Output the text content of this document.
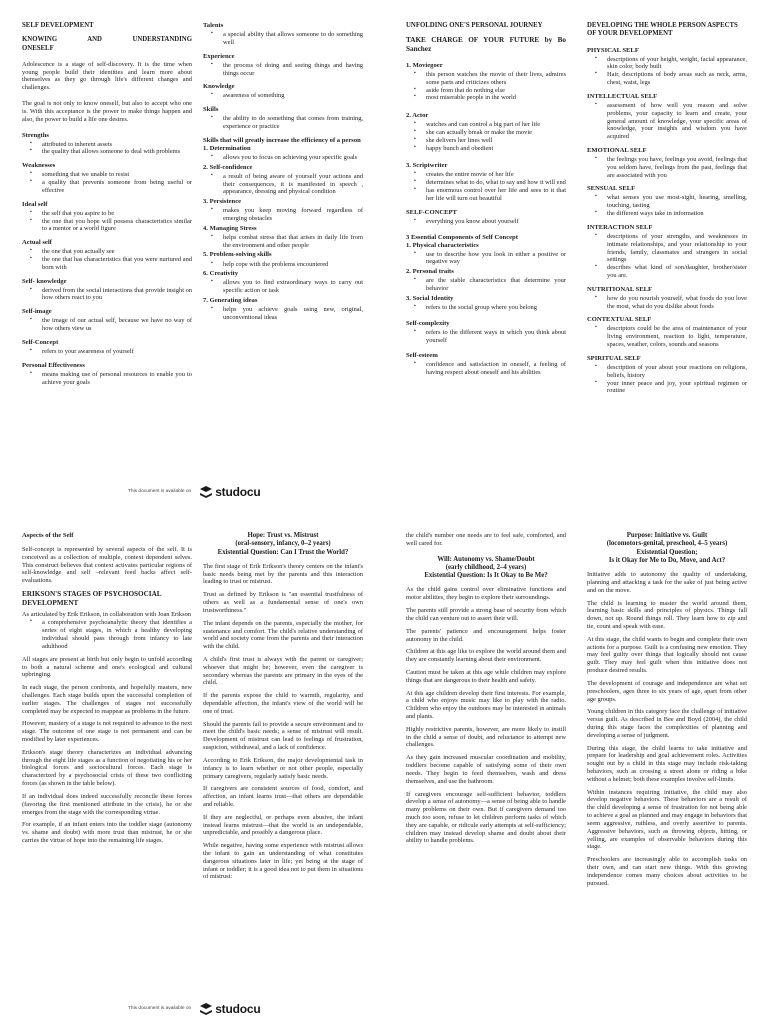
SELF DEVELOPMENT
KNOWING AND UNDERSTANDING ONESELF

Adolescence is a stage of self-discovery. It is the time when young people build their identities and learn more about themselves as they go through life's different changes and challenges.

The goal is not only to know oneself, but also to accept who one is. With this acceptance is the power to make things happen and also, the power to build a life one desires.

Strengths
▪ attributed to inherent assets
▪ the quality that allows someone to deal with problems
Weaknesses
▪ something that we unable to resist
▪ a quality that prevents someone from being useful or effective
Ideal self
▪ the self that you aspire to be
▪ the one that you hope will possess characteristics similar to a mentor or a world figure
Actual self
▪ the one that you actually see
▪ the one that has characteristics that you were nurtured and born with
Self- knowledge
▪ derived from the social interactions that provide insight on how others react to you
Self-image
▪ the image of our actual self, because we have no way of how others view us
Self-Concept
▪ refers to your awareness of yourself
Personal Effectiveness
▪ means making use of personal resources to enable you to achieve your goals
Talents
▪ a special ability that allows someone to do something well
Experience
▪ the process of doing and seeing things and having things occur
Knowledge
▪ awareness of something
Skills
▪ the ability to do something that comes from training, experience or practice
Skills that will greatly increase the efficiency of a person
1. Determination
▪ allows you to focus on achieving your specific goals
2. Self-confidence
▪ a result of being aware of yourself your actions and their consequences, it is manifested in speech , appearance, dressing and physical condition
3. Persistence
▪ makes you keep moving forward regardless of emerging obstacles
4. Managing Stress
▪ helps combat stress that that arises in daily life from the environment and other people
5. Problem-solving skills
▪ help cope with the problems encountered
6. Creativity
▪ allows you to find extraordinary ways to carry out specific action or task
7. Generating ideas
▪ helps you achieve goals using new, original, unconventional ideas
UNFOLDING ONE'S PERSONAL JOURNEY
TAKE CHARGE OF YOUR FUTURE by Bo Sanchez
1. Moviegoer
▪ this person watches the movie of their lives, admires some parts and criticizes others
▪ aside from that do nothing else
▪ most miserable people in the world
2. Actor
▪ watches and can control a big part of her life
▪ she can actually break or make the movie
▪ she delivers her lines well
▪ happy bunch and obedient
3. Scriptwriter
▪ creates the entire movie of her life
▪ determines what to do, what to say and how it will end
▪ has enormous control over her life and sees to it that her life will turn out beautiful
SELF-CONCEPT
▪ everything you know about yourself
3 Essential Components of Self Concept
1. Physical characteristics
▪ use to describe how you look in either a positive or negative way
2. Personal traits
▪ are the stable characteristics that determine your behavior
3. Social Identity
▪ refers to the social group where you belong
Self-complexity
▪ refers to the different ways in which you think about yourself
Self-esteem
▪ confidence and satisfaction in oneself, a feeling of having respect about oneself and his abilities
DEVELOPING THE WHOLE PERSON ASPECTS OF YOUR DEVELOPMENT
PHYSICAL SELF
▪ descriptions of your height, weight, facial appearance, skin color, body built
▪ Hair, descriptions of body areas such as neck, arms, chest, waist, legs
INTELLECTUAL SELF
▪ assessment of how well you reason and solve problems, your capacity to learn and create, your general amount of knowledge, your specific areas of knowledge, your insights and wisdom you have acquired
EMOTIONAL SELF
▪ the feelings you have, feelings you avoid, feelings that you seldom have, feelings from the past, feelings that are associated with you
SENSUAL SELF
▪ what senses you use most-sight, hearing, smelling, touching, tasting
▪ the different ways take in information
INTERACTION SELF
▪ descriptions of your strengths, and weaknesses in intimate relationships, and your relationship to your friends, family, classmates and strangers in social settings
▪ describes what kind of son/daughter, brother/sister you are.
NUTRITIONAL SELF
▪ how do you nourish yourself, what foods do you love the most, what do you dislike about foods
CONTEXTUAL SELF
▪ descriptors could be the area of maintenance of your living environment, reaction to light, temperature, spaces, weather, colors, sounds and seasons
SPIRITUAL SELF
▪ description of your about your reactions on religions, beliefs, history
▪ your inner peace and joy, your spiritual regimen or routine
This document is available on studocu
Aspects of the Self

Self-concept is represented by several aspects of the self. It is conceived as a collection of multiple, context dependent selves. This construct believes that context activates particular regions of self-knowledge and self –relevant feed backs affect self-evaluations.

ERIKSON'S STAGES OF PSYCHOSOCIAL DEVELOPMENT
As articulated by Erik Erikson, in collaboration with Joan Erikson
▪ a comprehensive psychoanalytic theory that identifies a series of eight stages, in which a healthy developing individual should pass through from infancy to late adulthood

All stages are present at birth but only begin to unfold according to both a natural scheme and one's ecological and cultural upbringing.

In each stage, the person confronts, and hopefully masters, new challenges. Each stage builds upon the successful completion of earlier stages. The challenges of stages not successfully completed may be expected to reappear as problems in the future.

However, mastery of a stage is not required to advance to the next stage. The outcome of one stage is not permanent and can be modified by later experiences.

Erikson's stage theory characterizes an individual advancing through the eight life stages as a function of negotiating his or her biological forces and sociocultural forces. Each stage is characterized by a psychosocial crisis of these two conflicting forces (as shown in the table below).

If an individual does indeed successfully reconcile these forces (favoring the first mentioned attribute in the crisis), he or she emerges from the stage with the corresponding virtue.

For example, if an infant enters into the toddler stage (autonomy vs. shame and doubt) with more trust than mistrust, he or she carries the virtue of hope into the remaining life stages.

Hope: Trust vs. Mistrust
(oral-sensory, infancy, 0–2 years)
Existential Question: Can I Trust the World?

The first stage of Erik Erikson's theory centers on the infant's basic needs being met by the parents and this interaction leading to trust or mistrust.

Trust as defined by Erikson is "an essential trustfulness of others as well as a fundamental sense of one's own trustworthiness."

The infant depends on the parents, especially the mother, for sustenance and comfort. The child's relative understanding of world and society come from the parents and their interaction with the child.

A child's first trust is always with the parent or caregiver; whoever that might be; however, even the caregiver is secondary whereas the parents are primary in the eyes of the child.

If the parents expose the child to warmth, regularity, and dependable affection, the infant's view of the world will be one of trust.

Should the parents fail to provide a secure environment and to meet the child's basic needs; a sense of mistrust will result. Development of mistrust can lead to feelings of frustration, suspicion, withdrawal, and a lack of confidence.

According to Erik Erikson, the major developmental task in infancy is to learn whether or not other people, especially primary caregivers, regularly satisfy basic needs.

If caregivers are consistent sources of food, comfort, and affection, an infant learns trust—that others are dependable and reliable.

If they are neglectful, or perhaps even abusive, the infant instead learns mistrust—that the world is an undependable, unpredictable, and possibly a dangerous place.

While negative, having some experience with mistrust allows the infant to gain an understanding of what constitutes dangerous situations later in life; yet being at the stage of infant or toddler; it is a good idea not to put them in situations of mistrust:

the child's number one needs are to feel safe, comforted, and well cared for.

Will: Autonomy vs. Shame/Doubt
(early childhood, 2–4 years)
Existential Question: Is It Okay to Be Me?

As the child gains control over eliminative functions and motor abilities, they begin to explore their surroundings.

The parents still provide a strong base of security from which the child can venture out to assert their will.

The parents' patience and encouragement helps foster autonomy in the child.

Children at this age like to explore the world around them and they are constantly learning about their environment.

Caution must be taken at this age while children may explore things that are dangerous to their health and safety.

At this age children develop their first interests. For example, a child who enjoys music may like to play with the radio. Children who enjoy the outdoors may be interested in animals and plants.

Highly restrictive parents, however, are more likely to instill in the child a sense of doubt, and reluctance to attempt new challenges.

As they gain increased muscular coordination and mobility, toddlers become capable of satisfying some of their own needs. They begin to feed themselves, wash and dress themselves, and use the bathroom.

If caregivers encourage self-sufficient behavior, toddlers develop a sense of autonomy—a sense of being able to handle many problems on their own. But if caregivers demand too much too soon, refuse to let children perform tasks of which they are capable, or ridicule early attempts at self-sufficiency; children may instead develop shame and doubt about their ability to handle problems.

Purpose: Initiative vs. Guilt
(locomotors-genital, preschool, 4–5 years)
Existential Question;
Is it Okay for Me to Do, Move, and Act?

Initiative adds to autonomy the quality of undertaking, planning and attacking a task for the sake of just being active and on the move.

The child is learning to master the world around them, learning basic skills and principles of physics. Things fall down, not up. Round things roll. They learn how to zip and tie, count and speak with ease.

At this stage, the child wants to begin and complete their own actions for a purpose. Guilt is a confusing new emotion. They may feel guilty over things that logically should not cause guilt. They may feel guilt when this initiative does not produce desired results.

The development of courage and independence are what set preschoolers, ages three to six years of age, apart from other age groups.

Young children in this category face the challenge of initiative versus guilt. As described in Bee and Boyd (2004), the child during this stage faces the complexities of planning and developing a sense of judgment.

During this stage, the child learns to take initiative and prepare for leadership and goal achievement roles. Activities sought out by a child in this stage may include risk-taking behaviors, such as crossing a street alone or riding a bike without a helmet; both these examples involve self-limits.

Within instances requiring initiative, the child may also develop negative behaviors. These behaviors are a result of the child developing a sense of frustration for not being able to achieve a goal as planned and may engage in behaviors that seem aggressive, ruthless, and overly assertive to parents. Aggressive behaviors, such as throwing objects, hitting, or yelling, are examples of observable behaviors during this stage.

Preschoolers are increasingly able to accomplish tasks on their own, and can start new things. With this growing independence comes many choices about activities to be pursued.

This document is available on studocu
